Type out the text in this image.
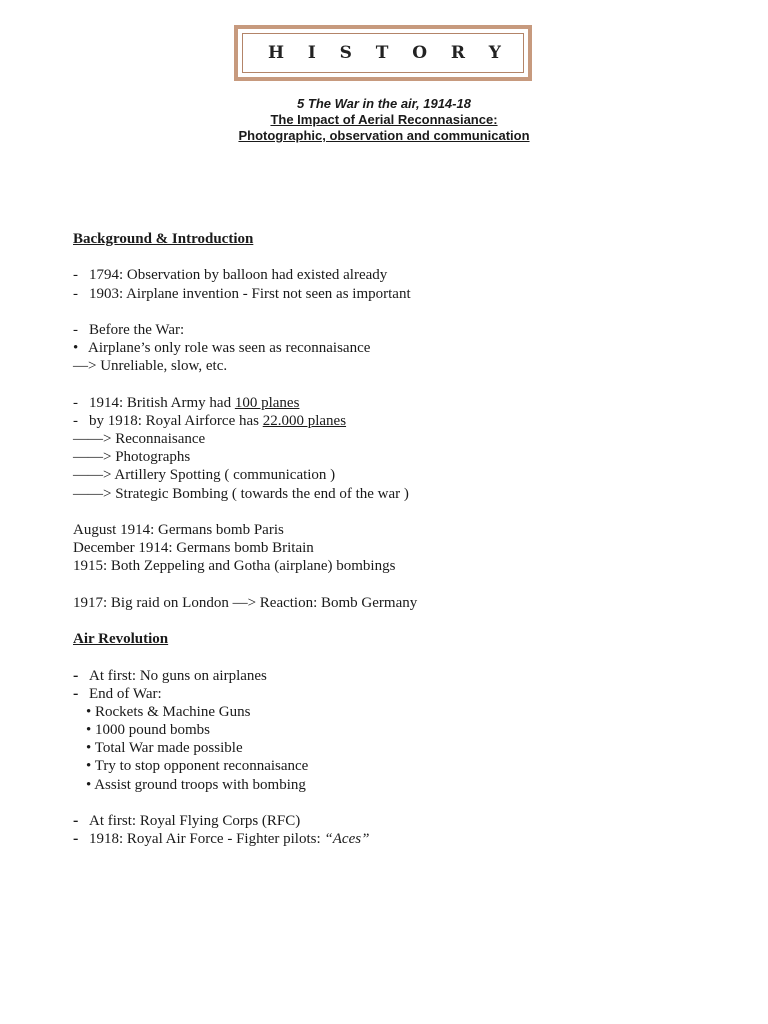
H I S T O R Y
5 The War in the air, 1914-18
The Impact of Aerial Reconnasiance:
Photographic, observation and communication
Background & Introduction
- 1794: Observation by balloon had existed already
- 1903: Airplane invention - First not seen as important
- Before the War:
• Airplane’s only role was seen as reconnaisance
—> Unreliable, slow, etc.
- 1914: British Army had 100 planes
- by 1918: Royal Airforce has 22.000 planes
——> Reconnaisance
——> Photographs
——> Artillery Spotting ( communication )
——> Strategic Bombing ( towards the end of the war )
August 1914: Germans bomb Paris
December 1914: Germans bomb Britain
1915: Both Zeppeling and Gotha (airplane) bombings
1917: Big raid on London —> Reaction: Bomb Germany
Air Revolution
- At first: No guns on airplanes
- End of War:
• Rockets & Machine Guns
• 1000 pound bombs
• Total War made possible
• Try to stop opponent reconnaisance
• Assist ground troops with bombing
- At first: Royal Flying Corps (RFC)
- 1918: Royal Air Force - Fighter pilots: “Aces”
